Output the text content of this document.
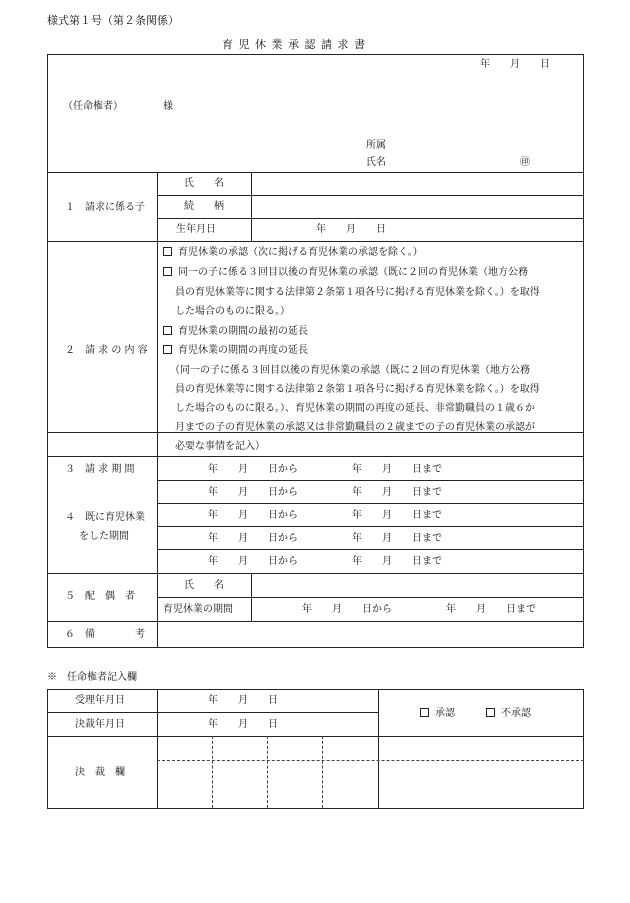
様式第１号（第２条関係）
育 児 休 業 承 認 請 求 書
年　　月　　日
（任命権者）	様
所属
氏名	㊞
１　請求に係る子
氏　　名
続　　柄
生年月日	年　　月　　日
２　請 求 の 内 容
育児休業の承認（次に掲げる育児休業の承認を除く。）
同一の子に係る３回目以後の育児休業の承認（既に２回の育児休業（地方公務
員の育児休業等に関する法律第２条第１項各号に掲げる育児休業を除く。）を取得
した場合のものに限る。）
育児休業の期間の最初の延長
育児休業の期間の再度の延長
（同一の子に係る３回目以後の育児休業の承認（既に２回の育児休業（地方公務
員の育児休業等に関する法律第２条第１項各号に掲げる育児休業を除く。）を取得
した場合のものに限る。）、育児休業の期間の再度の延長、非常勤職員の１歳６か
月までの子の育児休業の承認又は非常勤職員の２歳までの子の育児休業の承認が
必要な事情を記入）
３　請 求 期 間	年　　月　　日から	年　　月　　日まで
４　既に育児休業
をした期間
年　　月　　日から	年　　月　　日まで
年　　月　　日から	年　　月　　日まで
年　　月　　日から	年　　月　　日まで
年　　月　　日から	年　　月　　日まで
５　配　偶　者
氏　　名
育児休業の期間	年　　月　　日から	年　　月　　日まで
６　備　　　　考
※　任命権者記入欄
受理年月日	年　　月　　日
決裁年月日	年　　月　　日
承認	不承認
決　裁　欄
